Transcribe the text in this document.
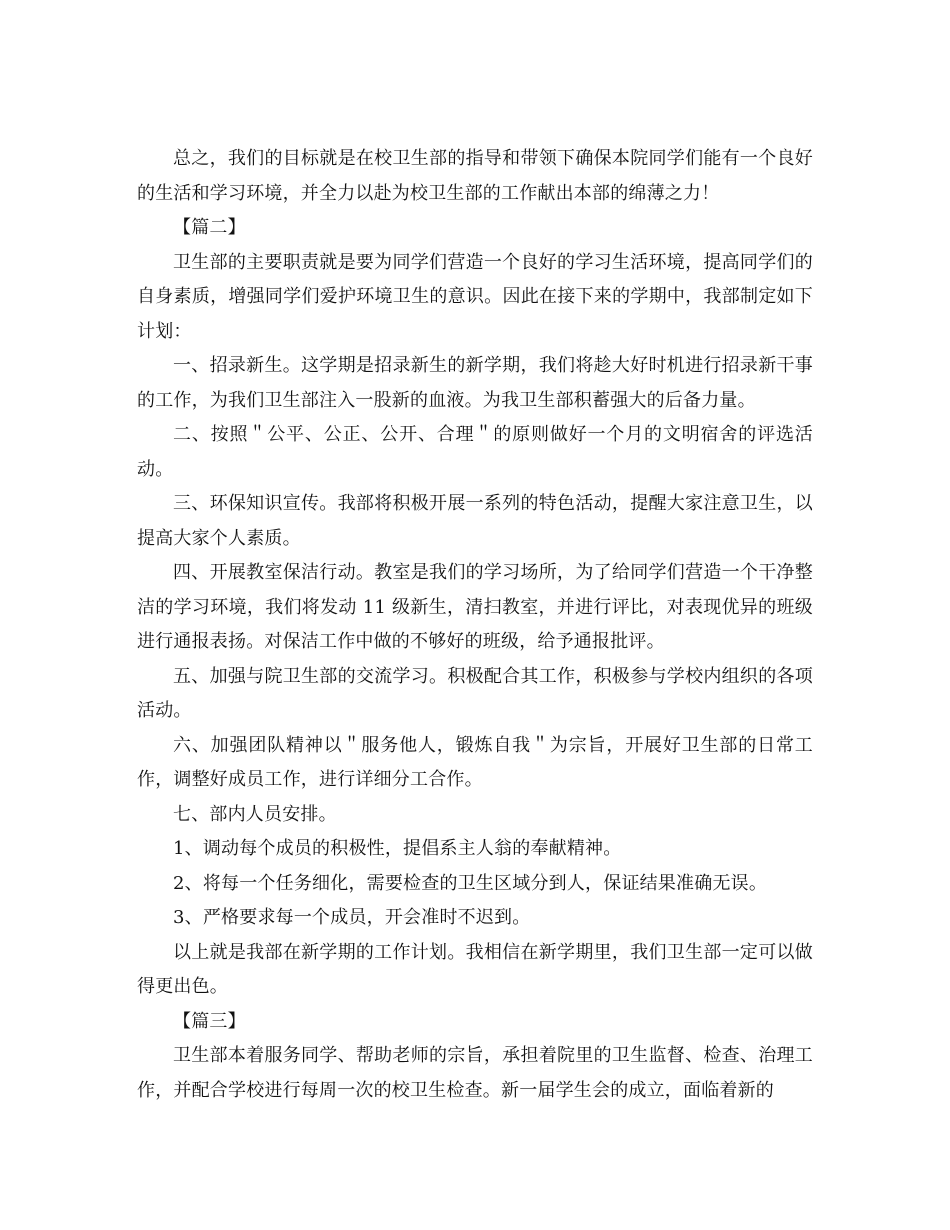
总之，我们的目标就是在校卫生部的指导和带领下确保本院同学们能有一个良好的生活和学习环境，并全力以赴为校卫生部的工作献出本部的绵薄之力！

【篇二】

卫生部的主要职责就是要为同学们营造一个良好的学习生活环境，提高同学们的自身素质，增强同学们爱护环境卫生的意识。因此在接下来的学期中，我部制定如下计划：

一、招录新生。这学期是招录新生的新学期，我们将趁大好时机进行招录新干事的工作，为我们卫生部注入一股新的血液。为我卫生部积蓄强大的后备力量。

二、按照＂公平、公正、公开、合理＂的原则做好一个月的文明宿舍的评选活动。

三、环保知识宣传。我部将积极开展一系列的特色活动，提醒大家注意卫生，以提高大家个人素质。

四、开展教室保洁行动。教室是我们的学习场所，为了给同学们营造一个干净整洁的学习环境，我们将发动 11 级新生，清扫教室，并进行评比，对表现优异的班级进行通报表扬。对保洁工作中做的不够好的班级，给予通报批评。

五、加强与院卫生部的交流学习。积极配合其工作，积极参与学校内组织的各项活动。

六、加强团队精神以＂服务他人，锻炼自我＂为宗旨，开展好卫生部的日常工作，调整好成员工作，进行详细分工合作。

七、部内人员安排。

1、调动每个成员的积极性，提倡系主人翁的奉献精神。

2、将每一个任务细化，需要检查的卫生区域分到人，保证结果准确无误。

3、严格要求每一个成员，开会准时不迟到。

以上就是我部在新学期的工作计划。我相信在新学期里，我们卫生部一定可以做得更出色。

【篇三】

卫生部本着服务同学、帮助老师的宗旨，承担着院里的卫生监督、检查、治理工作，并配合学校进行每周一次的校卫生检查。新一届学生会的成立，面临着新的
